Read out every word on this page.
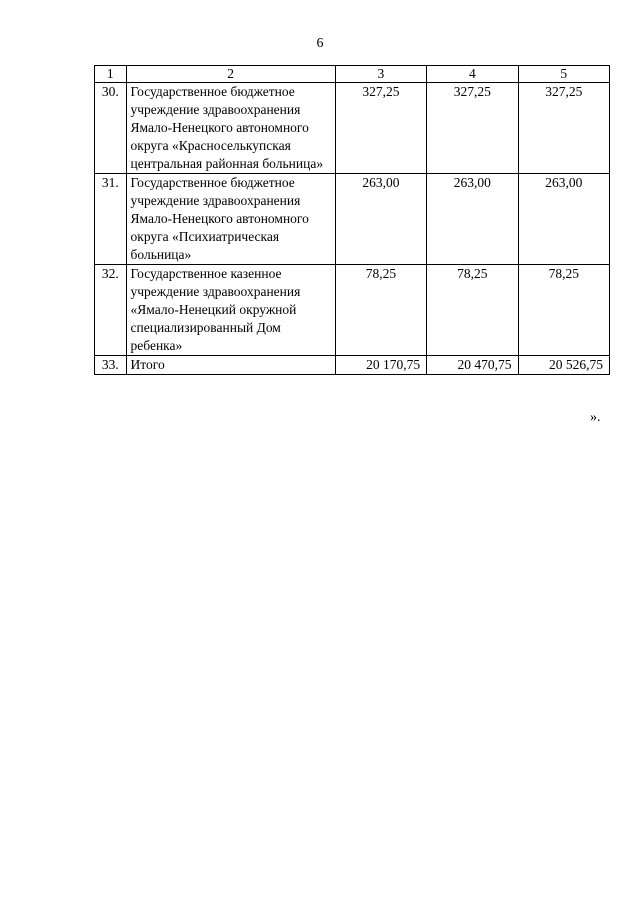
6
1	2	3	4	5
30.	Государственное бюджетное учреждение здравоохранения Ямало-Ненецкого автономного округа «Красноселькупская центральная районная больница»	327,25	327,25	327,25
31.	Государственное бюджетное учреждение здравоохранения Ямало-Ненецкого автономного округа «Психиатрическая больница»	263,00	263,00	263,00
32.	Государственное казенное учреждение здравоохранения «Ямало-Ненецкий окружной специализированный Дом ребенка»	78,25	78,25	78,25
33.	Итого	20 170,75	20 470,75	20 526,75
».
